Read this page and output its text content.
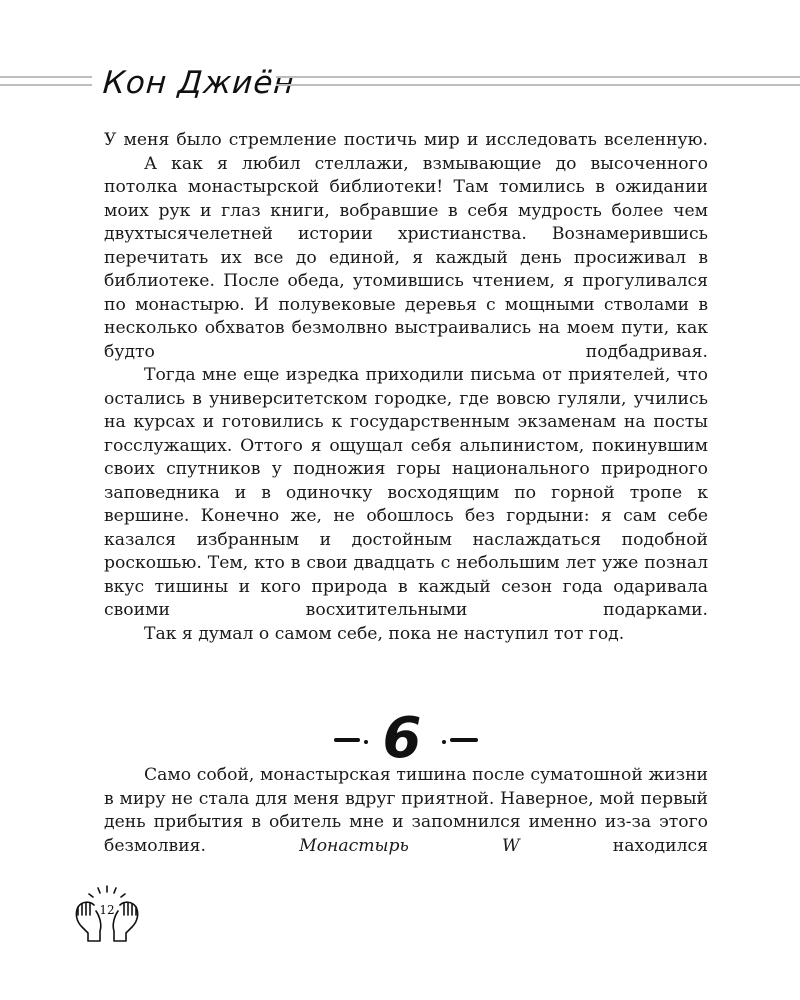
Кон Джиён

У меня было стремление постичь мир и исследовать вселенную.

А как я любил стеллажи, взмывающие до высоченного потолка монастырской библиотеки! Там томились в ожидании моих рук и глаз книги, вобравшие в себя мудрость более чем двухтысячелетней истории христианства. Вознамерившись перечитать их все до единой, я каждый день просиживал в библиотеке. После обеда, утомившись чтением, я прогуливался по монастырю. И полувековые деревья с мощными стволами в несколько обхватов безмолвно выстраивались на моем пути, как будто подбадривая.

Тогда мне еще изредка приходили письма от приятелей, что остались в университетском городке, где вовсю гуляли, учились на курсах и готовились к государственным экзаменам на посты госслужащих. Оттого я ощущал себя альпинистом, покинувшим своих спутников у подножия горы национального природного заповедника и в одиночку восходящим по горной тропе к вершине. Конечно же, не обошлось без гордыни: я сам себе казался избранным и достойным наслаждаться подобной роскошью. Тем, кто в свои двадцать с небольшим лет уже познал вкус тишины и кого природа в каждый сезон года одаривала своими восхитительными подарками.

Так я думал о самом себе, пока не наступил тот год.

6

Само собой, монастырская тишина после суматошной жизни в миру не стала для меня вдруг приятной. Наверное, мой первый день прибытия в обитель мне и запомнился именно из-за этого безмолвия. Монастырь W находился

12
